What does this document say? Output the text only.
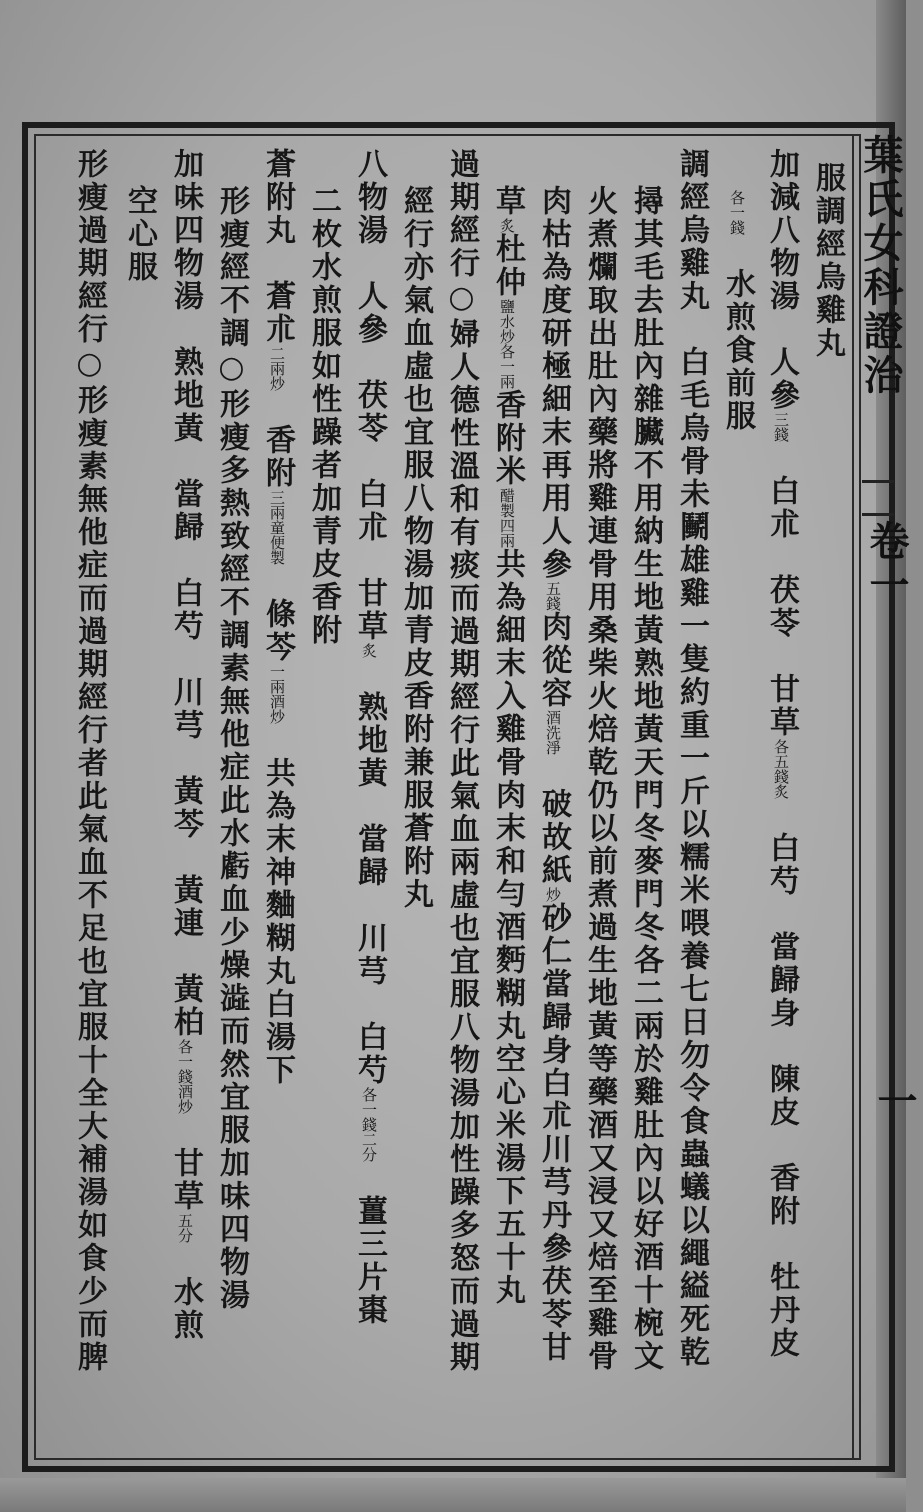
葉氏女科證治
卷一
一
服調經烏雞丸
加減八物湯　人參三錢　白朮　茯苓　甘草各五錢炙　白芍　當歸身　陳皮　香附　牡丹皮
各一錢　水煎食前服
調經烏雞丸　白毛烏骨未鬭雄雞一隻約重一斤以糯米喂養七日勿令食蟲蟻以繩縊死乾
撏其毛去肚內雜臟不用納生地黃熟地黃天門冬麥門冬各二兩於雞肚內以好酒十椀文
火煮爛取出肚內藥將雞連骨用桑柴火焙乾仍以前煮過生地黃等藥酒又浸又焙至雞骨
肉枯為度研極細末再用人參五錢肉從容酒洗淨　破故紙炒砂仁當歸身白朮川芎丹參茯苓甘
草炙杜仲鹽水炒各一兩香附米醋製四兩共為細末入雞骨肉末和勻酒麪糊丸空心米湯下五十丸
過期經行○婦人德性溫和有痰而過期經行此氣血兩虛也宜服八物湯加性躁多怒而過期
經行亦氣血虛也宜服八物湯加青皮香附兼服蒼附丸
八物湯　人參　茯苓　白朮　甘草炙　熟地黃　當歸　川芎　白芍各一錢二分　薑三片棗
二枚水煎服如性躁者加青皮香附
蒼附丸　蒼朮二兩炒　香附三兩童便製　條芩一兩酒炒　共為末神麯糊丸白湯下
形瘦經不調○形瘦多熱致經不調素無他症此水虧血少燥澁而然宜服加味四物湯
加味四物湯　熟地黃　當歸　白芍　川芎　黃芩　黃連　黃柏各一錢酒炒　甘草五分　水煎
空心服
形瘦過期經行○形瘦素無他症而過期經行者此氣血不足也宜服十全大補湯如食少而脾
